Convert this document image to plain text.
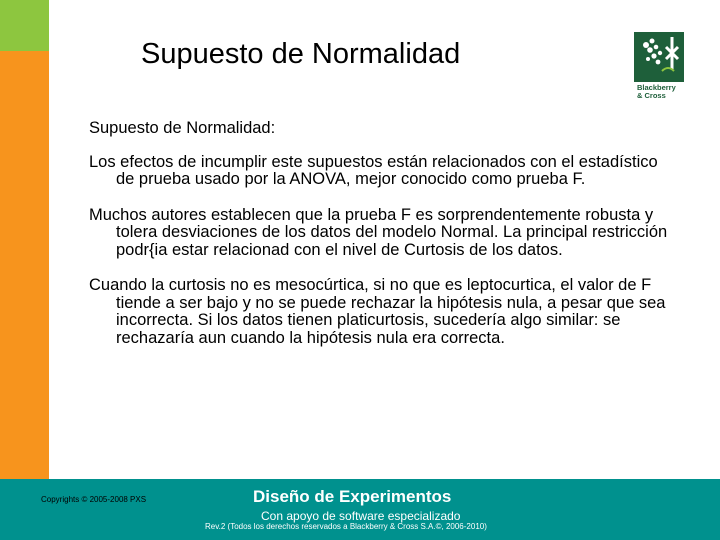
Supuesto de Normalidad
Blackberry
& Cross

Supuesto de Normalidad:

Los efectos de incumplir este supuestos están relacionados con el estadístico de prueba usado por la ANOVA, mejor conocido como prueba F.

Muchos autores establecen que la prueba F es sorprendentemente robusta y tolera desviaciones de los datos del modelo Normal. La principal restricción podr{ia estar relacionad con el nivel de Curtosis de los datos.

Cuando la curtosis no es mesocúrtica, si no que es leptocurtica, el valor de F tiende a ser bajo y no se puede rechazar la hipótesis nula, a pesar que sea incorrecta. Si los datos tienen platicurtosis, sucedería algo similar: se rechazaría aun cuando la hipótesis nula era correcta.

Copyrights © 2005-2008 PXS	Diseño de Experimentos
Con apoyo de software especializado
Rev.2 (Todos los derechos reservados a Blackberry & Cross S.A.©, 2006-2010)
